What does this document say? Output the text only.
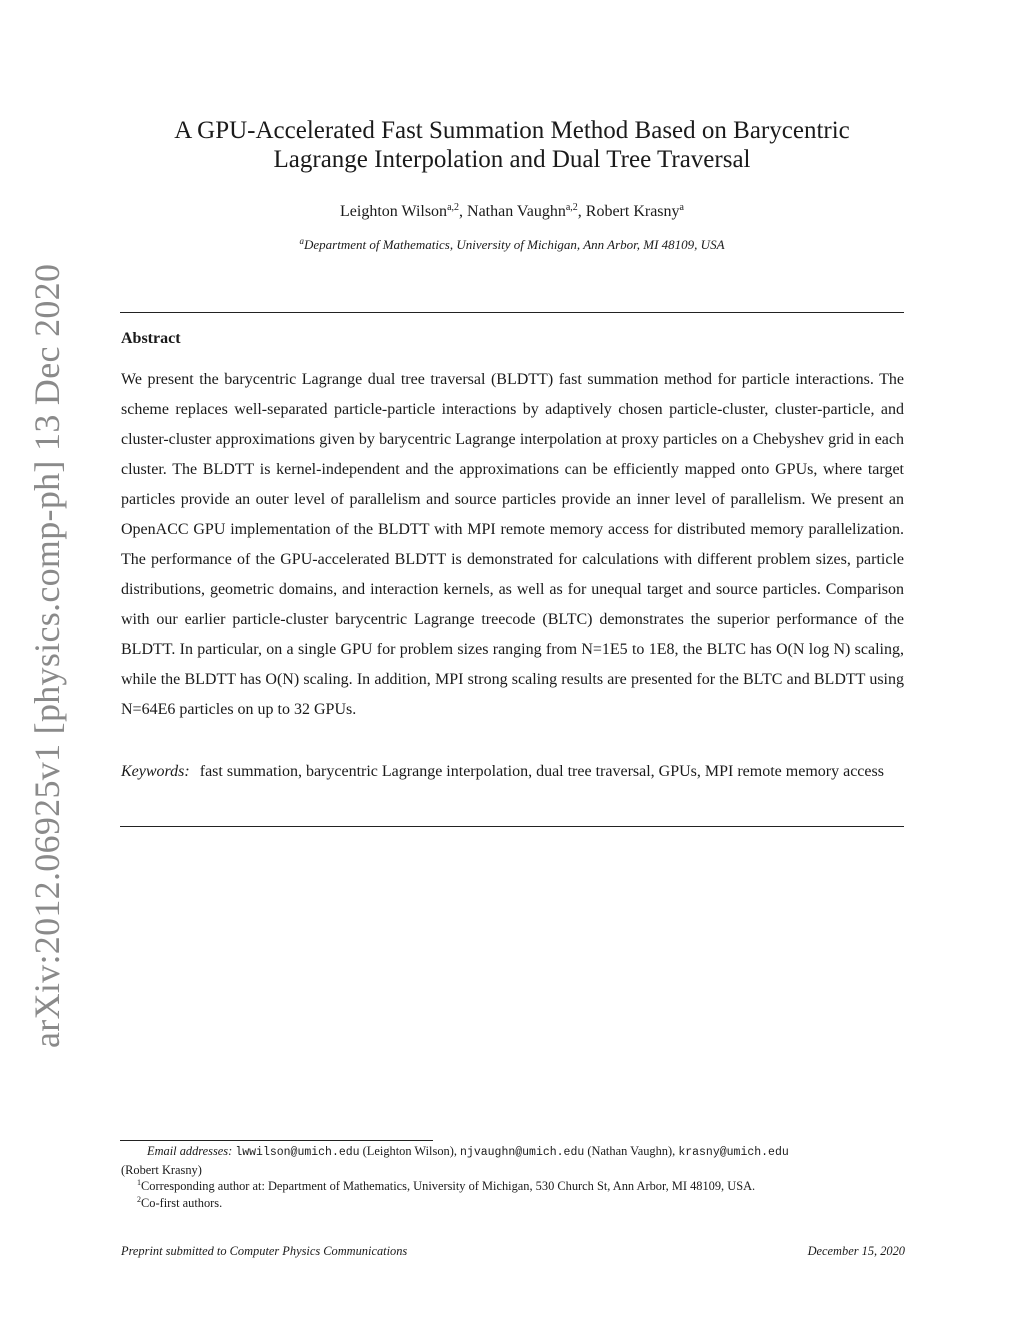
arXiv:2012.06925v1 [physics.comp-ph] 13 Dec 2020
A GPU-Accelerated Fast Summation Method Based on Barycentric
Lagrange Interpolation and Dual Tree Traversal
Leighton Wilson$^{a,2}$, Nathan Vaughn$^{a,2}$, Robert Krasny$^a$
$^a$Department of Mathematics, University of Michigan, Ann Arbor, MI 48109, USA
Abstract

We present the barycentric Lagrange dual tree traversal (BLDTT) fast summation method for particle interactions. The scheme replaces well-separated particle-particle interactions by adaptively chosen particle-cluster, cluster-particle, and cluster-cluster approximations given by barycentric Lagrange interpolation at proxy particles on a Chebyshev grid in each cluster. The BLDTT is kernel-independent and the approximations can be efficiently mapped onto GPUs, where target particles provide an outer level of parallelism and source particles provide an inner level of parallelism. We present an OpenACC GPU implementation of the BLDTT with MPI remote memory access for distributed memory parallelization. The performance of the GPU-accelerated BLDTT is demonstrated for calculations with different problem sizes, particle distributions, geometric domains, and interaction kernels, as well as for unequal target and source particles. Comparison with our earlier particle-cluster barycentric Lagrange treecode (BLTC) demonstrates the superior performance of the BLDTT. In particular, on a single GPU for problem sizes ranging from N=1E5 to 1E8, the BLTC has O(N log N) scaling, while the BLDTT has O(N) scaling. In addition, MPI strong scaling results are presented for the BLTC and BLDTT using N=64E6 particles on up to 32 GPUs.

Keywords: fast summation, barycentric Lagrange interpolation, dual tree traversal, GPUs, MPI remote memory access
Email addresses: lwwilson@umich.edu (Leighton Wilson), njvaughn@umich.edu (Nathan Vaughn), krasny@umich.edu
(Robert Krasny)
$^1$Corresponding author at: Department of Mathematics, University of Michigan, 530 Church St, Ann Arbor, MI 48109, USA.
$^2$Co-first authors.
Preprint submitted to Computer Physics Communications	December 15, 2020
